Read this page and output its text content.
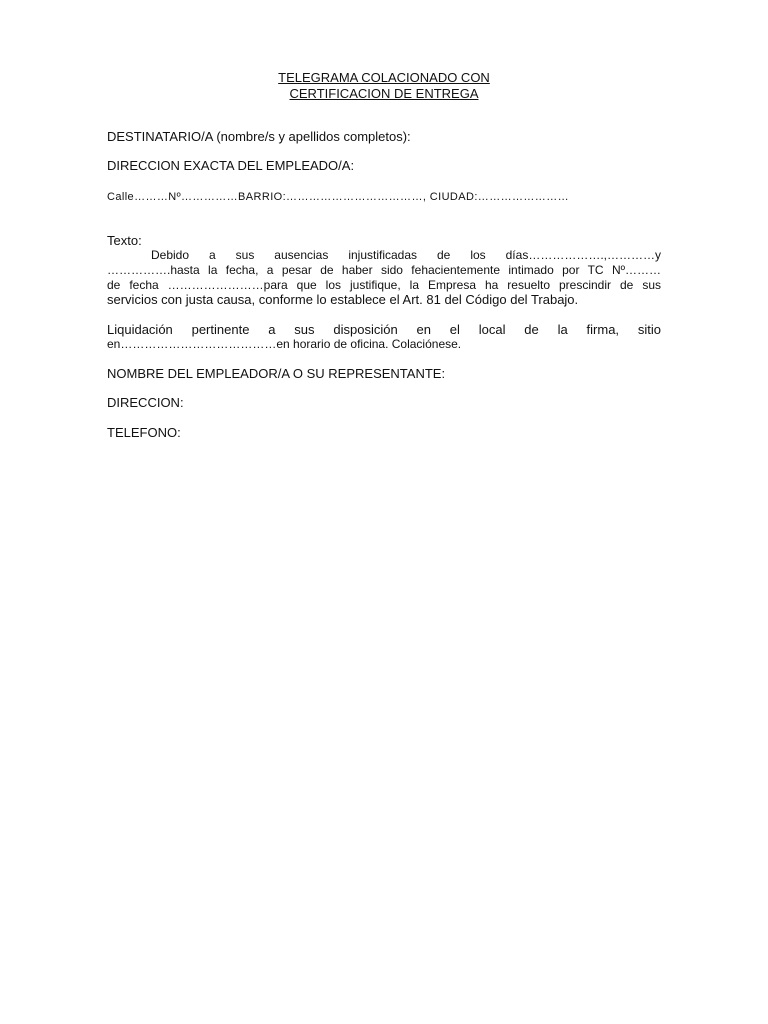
TELEGRAMA COLACIONADO CON
CERTIFICACION DE ENTREGA
DESTINATARIO/A (nombre/s y apellidos completos):
DIRECCION EXACTA DEL EMPLEADO/A:
Calle………Nº……………BARRIO:………………………………, CIUDAD:……………………
Texto:
Debido a sus ausencias injustificadas de los días……………….,…………y
…………….hasta la fecha, a pesar de haber sido fehacientemente intimado por TC Nº………
de fecha ……………………para que los justifique, la Empresa ha resuelto prescindir de sus
servicios con justa causa, conforme lo establece el Art. 81 del Código del Trabajo.
Liquidación pertinente a sus disposición en el local de la firma, sitio
en…………………………………en horario de oficina. Colaciónese.
NOMBRE DEL EMPLEADOR/A O SU REPRESENTANTE:
DIRECCION:
TELEFONO:
